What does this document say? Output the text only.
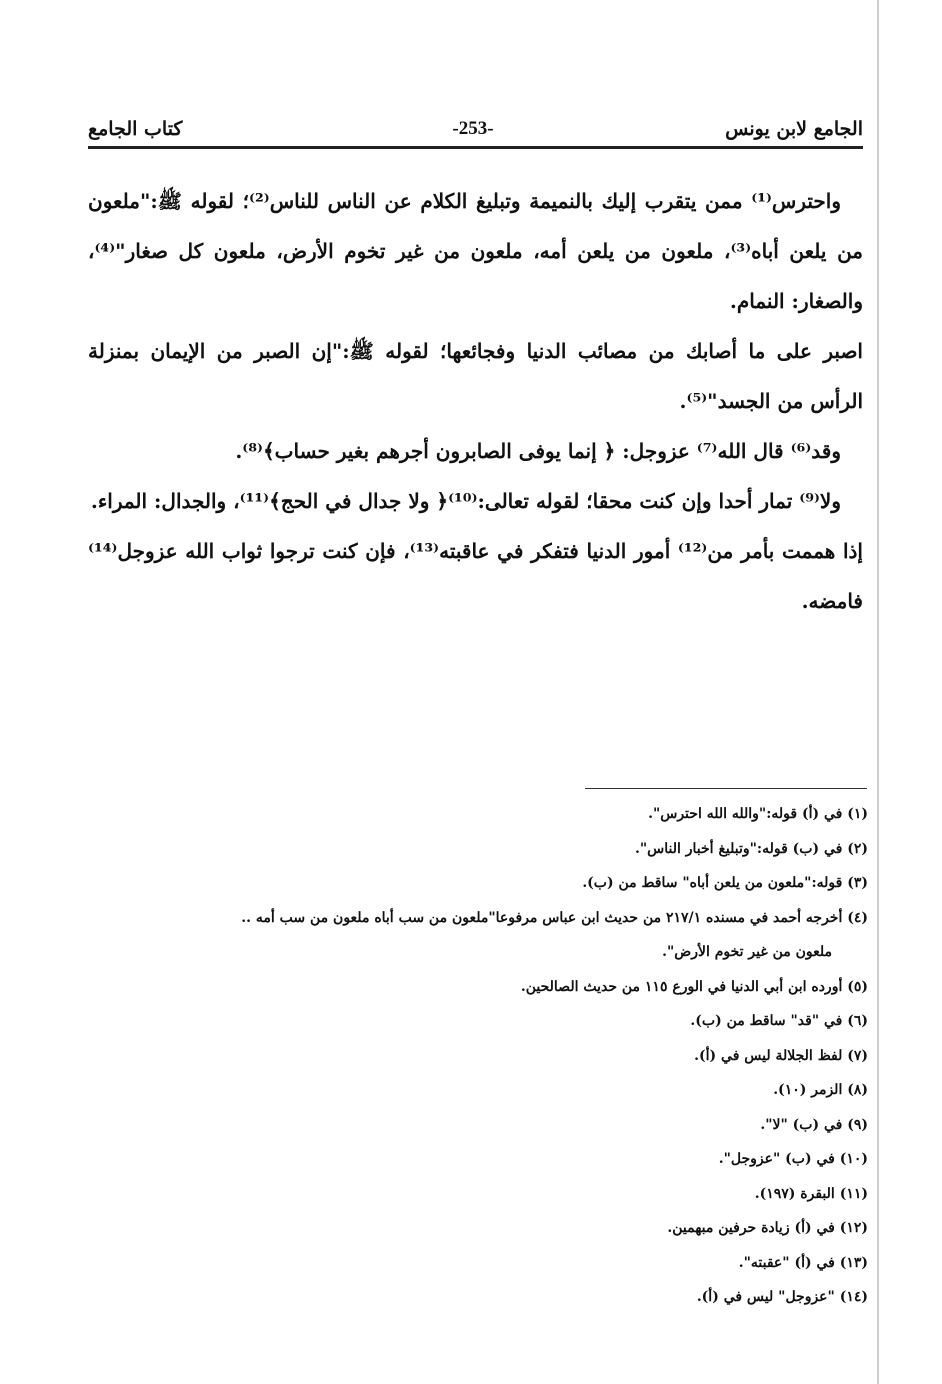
الجامع لابن يونس
-253-
كتاب الجامع

واحترس⁽¹⁾ ممن يتقرب إليك بالنميمة وتبليغ الكلام عن الناس للناس⁽²⁾؛ لقوله ﷺ:"ملعون من يلعن أباه⁽³⁾، ملعون من يلعن أمه، ملعون من غير تخوم الأرض، ملعون كل صغار"⁽⁴⁾، والصغار: النمام.

اصبر على ما أصابك من مصائب الدنيا وفجائعها؛ لقوله ﷺ:"إن الصبر من الإيمان بمنزلة الرأس من الجسد"⁽⁵⁾.

وقد⁽⁶⁾ قال الله⁽⁷⁾ عزوجل: ﴿ إنما يوفى الصابرون أجرهم بغير حساب﴾⁽⁸⁾.

ولا⁽⁹⁾ تمار أحدا وإن كنت محقا؛ لقوله تعالى:⁽¹⁰⁾﴿ ولا جدال في الحج﴾⁽¹¹⁾، والجدال: المراء.

إذا هممت بأمر من⁽¹²⁾ أمور الدنيا فتفكر في عاقبته⁽¹³⁾، فإن كنت ترجوا ثواب الله عزوجل⁽¹⁴⁾ فامضه.

(١) في (أ) قوله:"والله الله احترس".
(٢) في (ب) قوله:"وتبليغ أخبار الناس".
(٣) قوله:"ملعون من يلعن أباه" ساقط من (ب).
(٤) أخرجه أحمد في مسنده ٢١٧/١ من حديث ابن عباس مرفوعا"ملعون من سب أباه ملعون من سب أمه ..
ملعون من غير تخوم الأرض".
(٥) أورده ابن أبي الدنيا في الورع ١١٥ من حديث الصالحين.
(٦) في "قد" ساقط من (ب).
(٧) لفظ الجلالة ليس في (أ).
(٨) الزمر (١٠).
(٩) في (ب) "لا".
(١٠) في (ب) "عزوجل".
(١١) البقرة (١٩٧).
(١٢) في (أ) زيادة حرفين مبهمين.
(١٣) في (أ) "عقبته".
(١٤) "عزوجل" ليس في (أ).
